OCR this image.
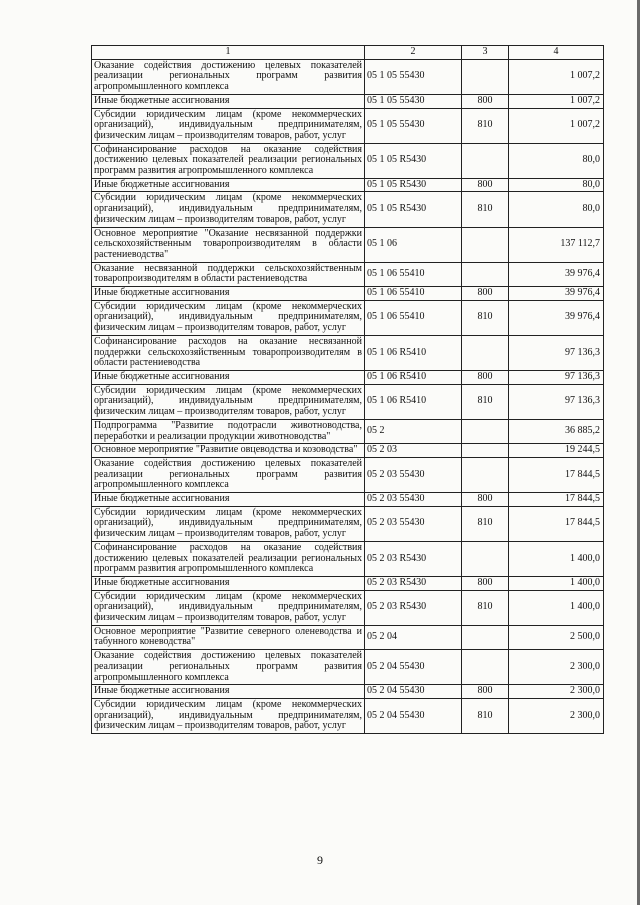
1	2	3	4
Оказание содействия достижению целевых показателей реализации региональных программ развития агропромышленного комплекса	05 1 05 55430		1 007,2
Иные бюджетные ассигнования	05 1 05 55430	800	1 007,2
Субсидии юридическим лицам (кроме некоммерческих организаций), индивидуальным предпринимателям, физическим лицам – производителям товаров, работ, услуг	05 1 05 55430	810	1 007,2
Софинансирование расходов на оказание содействия достижению целевых показателей реализации региональных программ развития агропромышленного комплекса	05 1 05 R5430		80,0
Иные бюджетные ассигнования	05 1 05 R5430	800	80,0
Субсидии юридическим лицам (кроме некоммерческих организаций), индивидуальным предпринимателям, физическим лицам – производителям товаров, работ, услуг	05 1 05 R5430	810	80,0
Основное мероприятие "Оказание несвязанной поддержки сельскохозяйственным товаропроизводителям в области растениеводства"	05 1 06		137 112,7
Оказание несвязанной поддержки сельскохозяйственным товаропроизводителям в области растениеводства	05 1 06 55410		39 976,4
Иные бюджетные ассигнования	05 1 06 55410	800	39 976,4
Субсидии юридическим лицам (кроме некоммерческих организаций), индивидуальным предпринимателям, физическим лицам – производителям товаров, работ, услуг	05 1 06 55410	810	39 976,4
Софинансирование расходов на оказание несвязанной поддержки сельскохозяйственным товаропроизводителям в области растениеводства	05 1 06 R5410		97 136,3
Иные бюджетные ассигнования	05 1 06 R5410	800	97 136,3
Субсидии юридическим лицам (кроме некоммерческих организаций), индивидуальным предпринимателям, физическим лицам – производителям товаров, работ, услуг	05 1 06 R5410	810	97 136,3
Подпрограмма "Развитие подотрасли животноводства, переработки и реализации продукции животноводства"	05 2		36 885,2
Основное мероприятие "Развитие овцеводства и козоводства"	05 2 03		19 244,5
Оказание содействия достижению целевых показателей реализации региональных программ развития агропромышленного комплекса	05 2 03 55430		17 844,5
Иные бюджетные ассигнования	05 2 03 55430	800	17 844,5
Субсидии юридическим лицам (кроме некоммерческих организаций), индивидуальным предпринимателям, физическим лицам – производителям товаров, работ, услуг	05 2 03 55430	810	17 844,5
Софинансирование расходов на оказание содействия достижению целевых показателей реализации региональных программ развития агропромышленного комплекса	05 2 03 R5430		1 400,0
Иные бюджетные ассигнования	05 2 03 R5430	800	1 400,0
Субсидии юридическим лицам (кроме некоммерческих организаций), индивидуальным предпринимателям, физическим лицам – производителям товаров, работ, услуг	05 2 03 R5430	810	1 400,0
Основное мероприятие "Развитие северного оленеводства и табунного коневодства"	05 2 04		2 500,0
Оказание содействия достижению целевых показателей реализации региональных программ развития агропромышленного комплекса	05 2 04 55430		2 300,0
Иные бюджетные ассигнования	05 2 04 55430	800	2 300,0
Субсидии юридическим лицам (кроме некоммерческих организаций), индивидуальным предпринимателям, физическим лицам – производителям товаров, работ, услуг	05 2 04 55430	810	2 300,0
9
